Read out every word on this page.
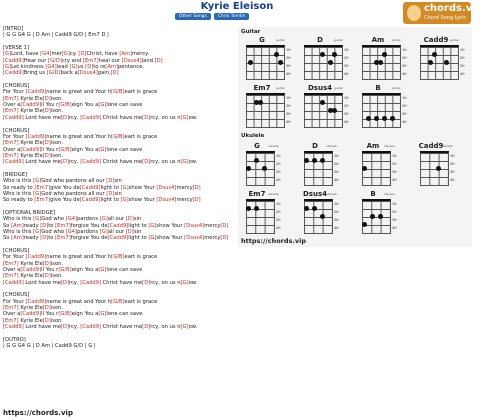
Kyrie Eleison
Other Songs	Chris Tomlin
chords.vip
Chord Song Lyric
[INTRO]
| G G G4 G | D Am | Cadd9 G/D | Em7 D |
[VERSE 1]
[G]Lord, have [G4]mer[G]cy. [D]Christ, have [Am]mercy.
[Cadd9]Hear our [G/D]cry and [Em7]heal our [Dsus4]land.[D]
[G]Let kindness [G4]lead [G]us [D]to re[Am]pentance.
[Cadd9]Bring us [G/D]back a[Dsus4]gain.[D]
[CHORUS]
For Your [Cadd9]name is great and Your h[G/B]eart is grace
[Em7] Kyrie Ele[D]ison.
Over a[Cadd9]ll You r[G/B]eign You a[G]lone can save
[Em7] Kyrie Ele[D]ison.
[Cadd9] Lord have me[D]rcy, [Cadd9] Christ have me[D]rcy, on us n[G]ow.
[CHORUS]
For Your [Cadd9]name is great and Your h[G/B]eart is grace
[Em7] Kyrie Ele[D]ison.
Over a[Cadd9]ll You r[G/B]eign You a[G]lone can save
[Em7] Kyrie Ele[D]ison.
[Cadd9] Lord have me[D]rcy, [Cadd9] Christ have me[D]rcy, on us n[G]ow.
[BRIDGE]
Who is this [G]God who pardons all our [D]sin
So ready to [Em7]give You de[Cadd9]light to [G]show Your [Dsus4]mercy[D]
Who is this [G]God who pardons all our [D]sin
So ready to [Em7]give You de[Cadd9]light to [G]show Your [Dsus4]mercy[D]
[OPTIONAL BRIDGE]
Who is this [G]God who [G4]pardons [G]all our [D]sin
So [Am]ready [D]to [Em7]forgive You de[Cadd9]light to [G]show Your [Dsus4]mercy[D]
Who is this [G]God who [G4]pardons [G]all our [D]sin
So [Am]ready [D]to [Em7]forgive You de[Cadd9]light to [G]show Your [Dsus4]mercy[D]
[CHORUS]
For Your [Cadd9]name is great and Your h[G/B]eart is grace
[Em7] Kyrie Ele[D]ison.
Over a[Cadd9]ll You r[G/B]eign You a[G]lone can save
[Em7] Kyrie Ele[D]ison.
[Cadd9] Lord have me[D]rcy, [Cadd9] Christ have me[D]rcy, on us n[G]ow.
[CHORUS]
For Your [Cadd9]name is great and Your h[G/B]eart is grace
[Em7] Kyrie Ele[D]ison.
Over a[Cadd9]ll You r[G/B]eign You a[G]lone can save
[Em7] Kyrie Ele[D]ison.
[Cadd9] Lord have me[D]rcy, [Cadd9] Christ have me[D]rcy, on us n[G]ow.
[OUTRO]
| G G G4 G | D Am | Cadd9 G/D | G |
https://chords.vip
Guitar
Ukulele
G	guitar
1fr
2fr
3fr
4fr
D	guitar
1fr
2fr
3fr
4fr
Am	guitar
1fr
2fr
3fr
4fr
Cadd9 guitar
1fr
2fr
3fr
4fr
Em7	guitar
1fr
2fr
3fr
4fr
Dsus4 guitar
1fr
2fr
3fr
4fr
B	guitar
1fr
2fr
3fr
4fr
G	ukulele
1fr
2fr
3fr
4fr
D	ukulele
1fr
2fr
3fr
4fr
Am	ukulele
1fr
2fr
3fr
4fr
Cadd9
ukulele
1fr
2fr
3fr
4fr
Em7 ukulele
1fr
2fr
3fr
4fr
Dsus4 ukulele
1fr
2fr
3fr
4fr
B	ukulele
1fr
2fr
3fr
4fr
https://chords.vip
